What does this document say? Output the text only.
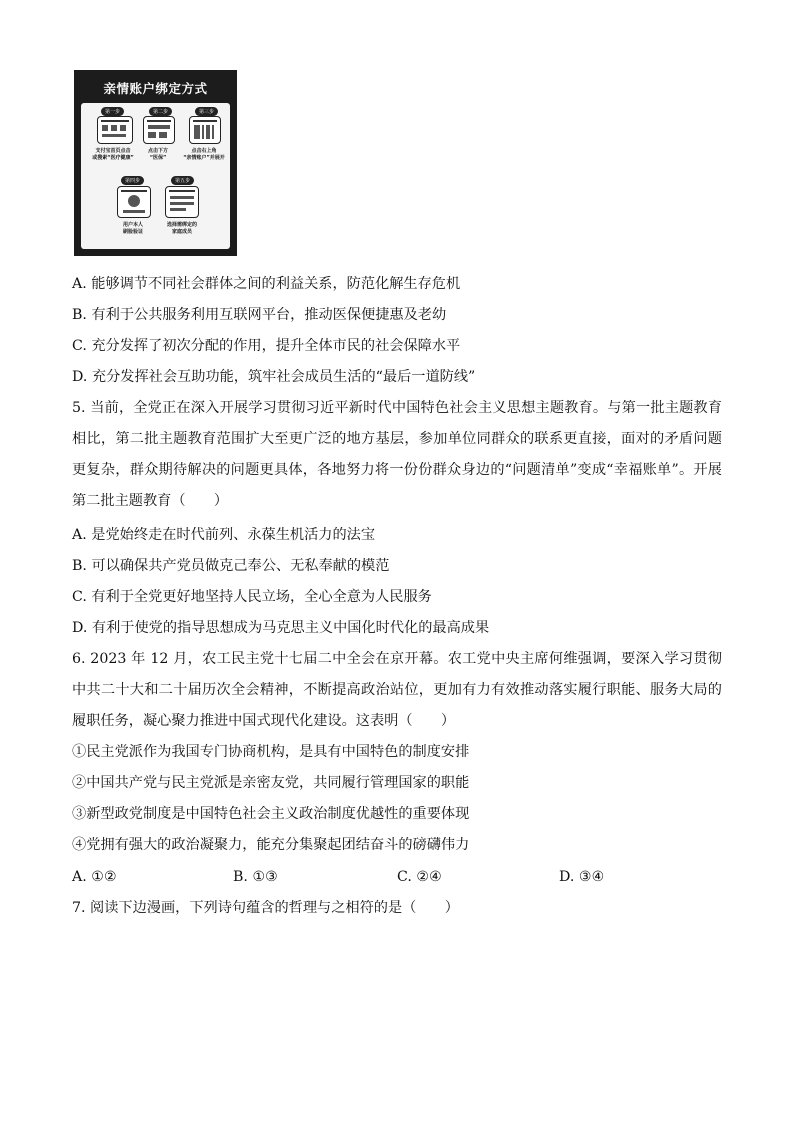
亲情账户绑定方式
第一步	第二步	第三步
支付宝首页点击
或搜索“医疗健康”
点击下方
“医保”
点击右上角
“亲情账户”并展开
第四步	第五步
用户本人
刷脸验证
选择需绑定的
家庭成员
A. 能够调节不同社会群体之间的利益关系，防范化解生存危机
B. 有利于公共服务利用互联网平台，推动医保便捷惠及老幼
C. 充分发挥了初次分配的作用，提升全体市民的社会保障水平
D. 充分发挥社会互助功能，筑牢社会成员生活的“最后一道防线”
5. 当前，全党正在深入开展学习贯彻习近平新时代中国特色社会主义思想主题教育。与第一批主题教育相比，第二批主题教育范围扩大至更广泛的地方基层，参加单位同群众的联系更直接，面对的矛盾问题更复杂，群众期待解决的问题更具体，各地努力将一份份群众身边的“问题清单”变成“幸福账单”。开展第二批主题教育（　　）
A. 是党始终走在时代前列、永葆生机活力的法宝
B. 可以确保共产党员做克己奉公、无私奉献的模范
C. 有利于全党更好地坚持人民立场，全心全意为人民服务
D. 有利于使党的指导思想成为马克思主义中国化时代化的最高成果
6. 2023 年 12 月，农工民主党十七届二中全会在京开幕。农工党中央主席何维强调，要深入学习贯彻中共二十大和二十届历次全会精神，不断提高政治站位，更加有力有效推动落实履行职能、服务大局的履职任务，凝心聚力推进中国式现代化建设。这表明（　　）
①民主党派作为我国专门协商机构，是具有中国特色的制度安排
②中国共产党与民主党派是亲密友党，共同履行管理国家的职能
③新型政党制度是中国特色社会主义政治制度优越性的重要体现
④党拥有强大的政治凝聚力，能充分集聚起团结奋斗的磅礴伟力
A. ①②	B. ①③	C. ②④	D. ③④
7. 阅读下边漫画，下列诗句蕴含的哲理与之相符的是（　　）
